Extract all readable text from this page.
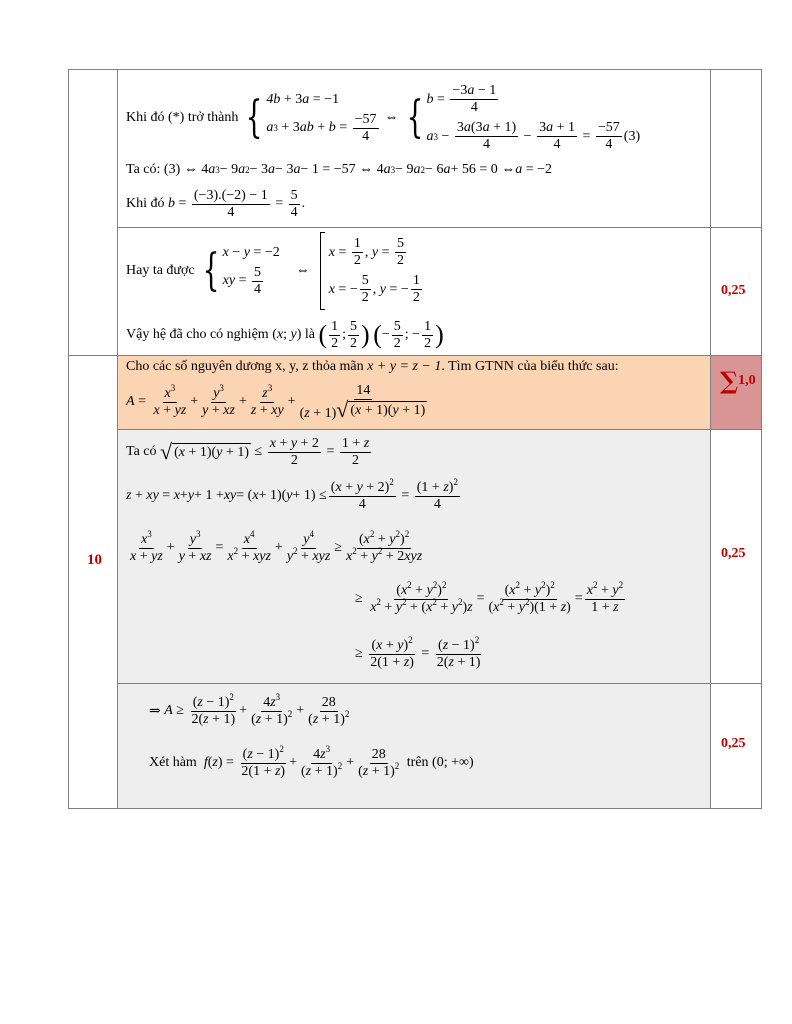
10
0,25
0,25
0,25
∑ 1,0
Khi đó (*) trở thành { 4b + 3 a = −1
a 3 + 3 ab + $b = \frac{-57}{4}$ ⇔ { $b = \frac{-3a - 1}{4}$
a $3 - \frac{3a(3a + 1)}{4} - \frac{3a + 1}{4} = \frac{-57}{4} (3)$
Ta có: (3) ⇔ 4 a 3 − 9 a 2 − 3 a − 3 a − 1 = −57 ⇔ 4 a 3 − 9 a 2 − 6 a + 56 = 0 ⇔ a = −2
Khi đó
$b = \frac{(-3).(-2) - 1}{4} = \frac{5}{4}$ .
Hay ta được { x − y = −2
xy = $\frac{5}{4}$ ⇔
$x = \frac{1}{2}$ , $y = \frac{5}{2}$
x = − $\frac{5}{2}$ , y = − $\frac{1}{2}$
Vậy hệ đã cho có nghiệm ( x ; y ) là
( $\frac{1}{2}$ ; $\frac{5}{2}$ )
( − $\frac{5}{2}$ ; − $\frac{1}{2}$ )
Cho các số nguyên dương x, y, z thỏa mãn
x + y = z − 1 . Tìm GTNN của biểu thức sau:
$A = \frac{x^3}{x + yz} + \frac{y^3}{y + xz} + \frac{z^3}{z + xy} + \frac{14}{(z + 1) √ (x + 1)(y + 1)}$
Ta có
√ $(x + 1)(y + 1) \le \frac{x + y + 2}{2} = \frac{1 + z}{2}$
z + xy = x + y + 1 + xy = ( x + 1)( $y + 1) \le \frac{(x + y + 2)^2}{4} = \frac{(1 + z)^2}{4}$
$\frac{x^3}{x + yz} + \frac{y^3}{y + xz} = \frac{x^4}{x^2 + xyz} + \frac{y^4}{y^2 + xyz} \ge \frac{(x^2 + y^2)^2}{x^2 + y^2 + 2xyz}$
≥ $\frac{(x^2 + y^2)^2}{x^2 + y^2 + (x^2 + y^2)z} = \frac{(x^2 + y^2)^2}{(x^2 + y^2)(1 + z)} = \frac{x^2 + y^2}{1 + z}$
≥ $\frac{(x + y)^2}{2(1 + z)} = \frac{(z - 1)^2}{2(z + 1)}$
⇒ $A \ge \frac{(z - 1)^2}{2(z + 1)} + \frac{4z^3}{(z + 1)^2} + \frac{28}{(z + 1)^2}$
Xét hàm
f ( z ) = $\frac{(z - 1)^2}{2(1 + z)} + \frac{4z^3}{(z + 1)^2} + \frac{28}{(z + 1)^2}$
trên (0; +∞)
